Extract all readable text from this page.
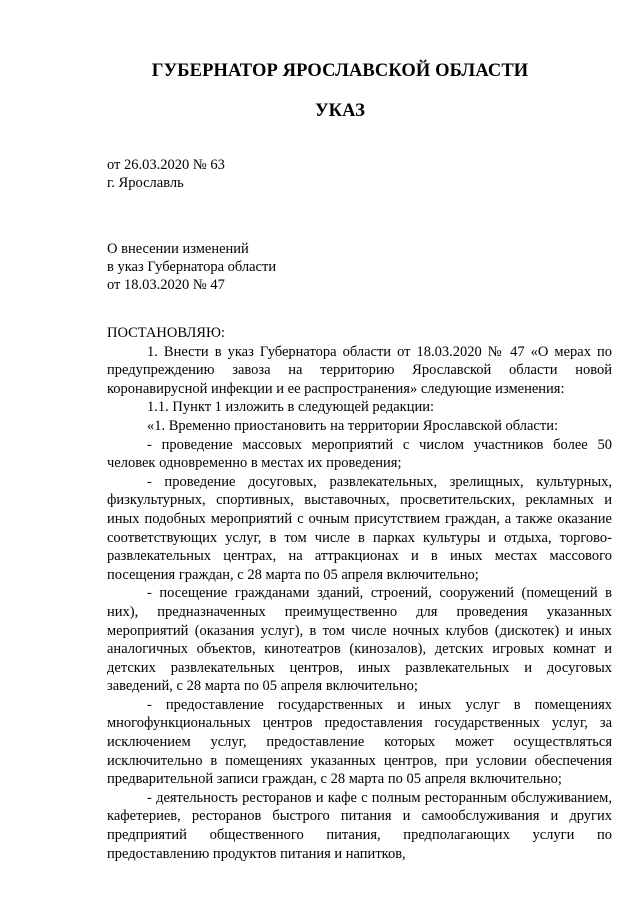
ГУБЕРНАТОР ЯРОСЛАВСКОЙ ОБЛАСТИ
УКАЗ
от 26.03.2020 № 63
г. Ярославль
О внесении изменений
в указ Губернатора области
от 18.03.2020 № 47

ПОСТАНОВЛЯЮ:

1. Внести в указ Губернатора области от 18.03.2020 № 47 «О мерах по предупреждению завоза на территорию Ярославской области новой коронавирусной инфекции и ее распространения» следующие изменения:

1.1. Пункт 1 изложить в следующей редакции:

«1. Временно приостановить на территории Ярославской области:

- проведение массовых мероприятий с числом участников более 50 человек одновременно в местах их проведения;

- проведение досуговых, развлекательных, зрелищных, культурных, физкультурных, спортивных, выставочных, просветительских, рекламных и иных подобных мероприятий с очным присутствием граждан, а также оказание соответствующих услуг, в том числе в парках культуры и отдыха, торгово-развлекательных центрах, на аттракционах и в иных местах массового посещения граждан, с 28 марта по 05 апреля включительно;

- посещение гражданами зданий, строений, сооружений (помещений в них), предназначенных преимущественно для проведения указанных мероприятий (оказания услуг), в том числе ночных клубов (дискотек) и иных аналогичных объектов, кинотеатров (кинозалов), детских игровых комнат и детских развлекательных центров, иных развлекательных и досуговых заведений, с 28 марта по 05 апреля включительно;

- предоставление государственных и иных услуг в помещениях многофункциональных центров предоставления государственных услуг, за исключением услуг, предоставление которых может осуществляться исключительно в помещениях указанных центров, при условии обеспечения предварительной записи граждан, с 28 марта по 05 апреля включительно;

- деятельность ресторанов и кафе с полным ресторанным обслуживанием, кафетериев, ресторанов быстрого питания и самообслуживания и других предприятий общественного питания, предполагающих услуги по предоставлению продуктов питания и напитков,
